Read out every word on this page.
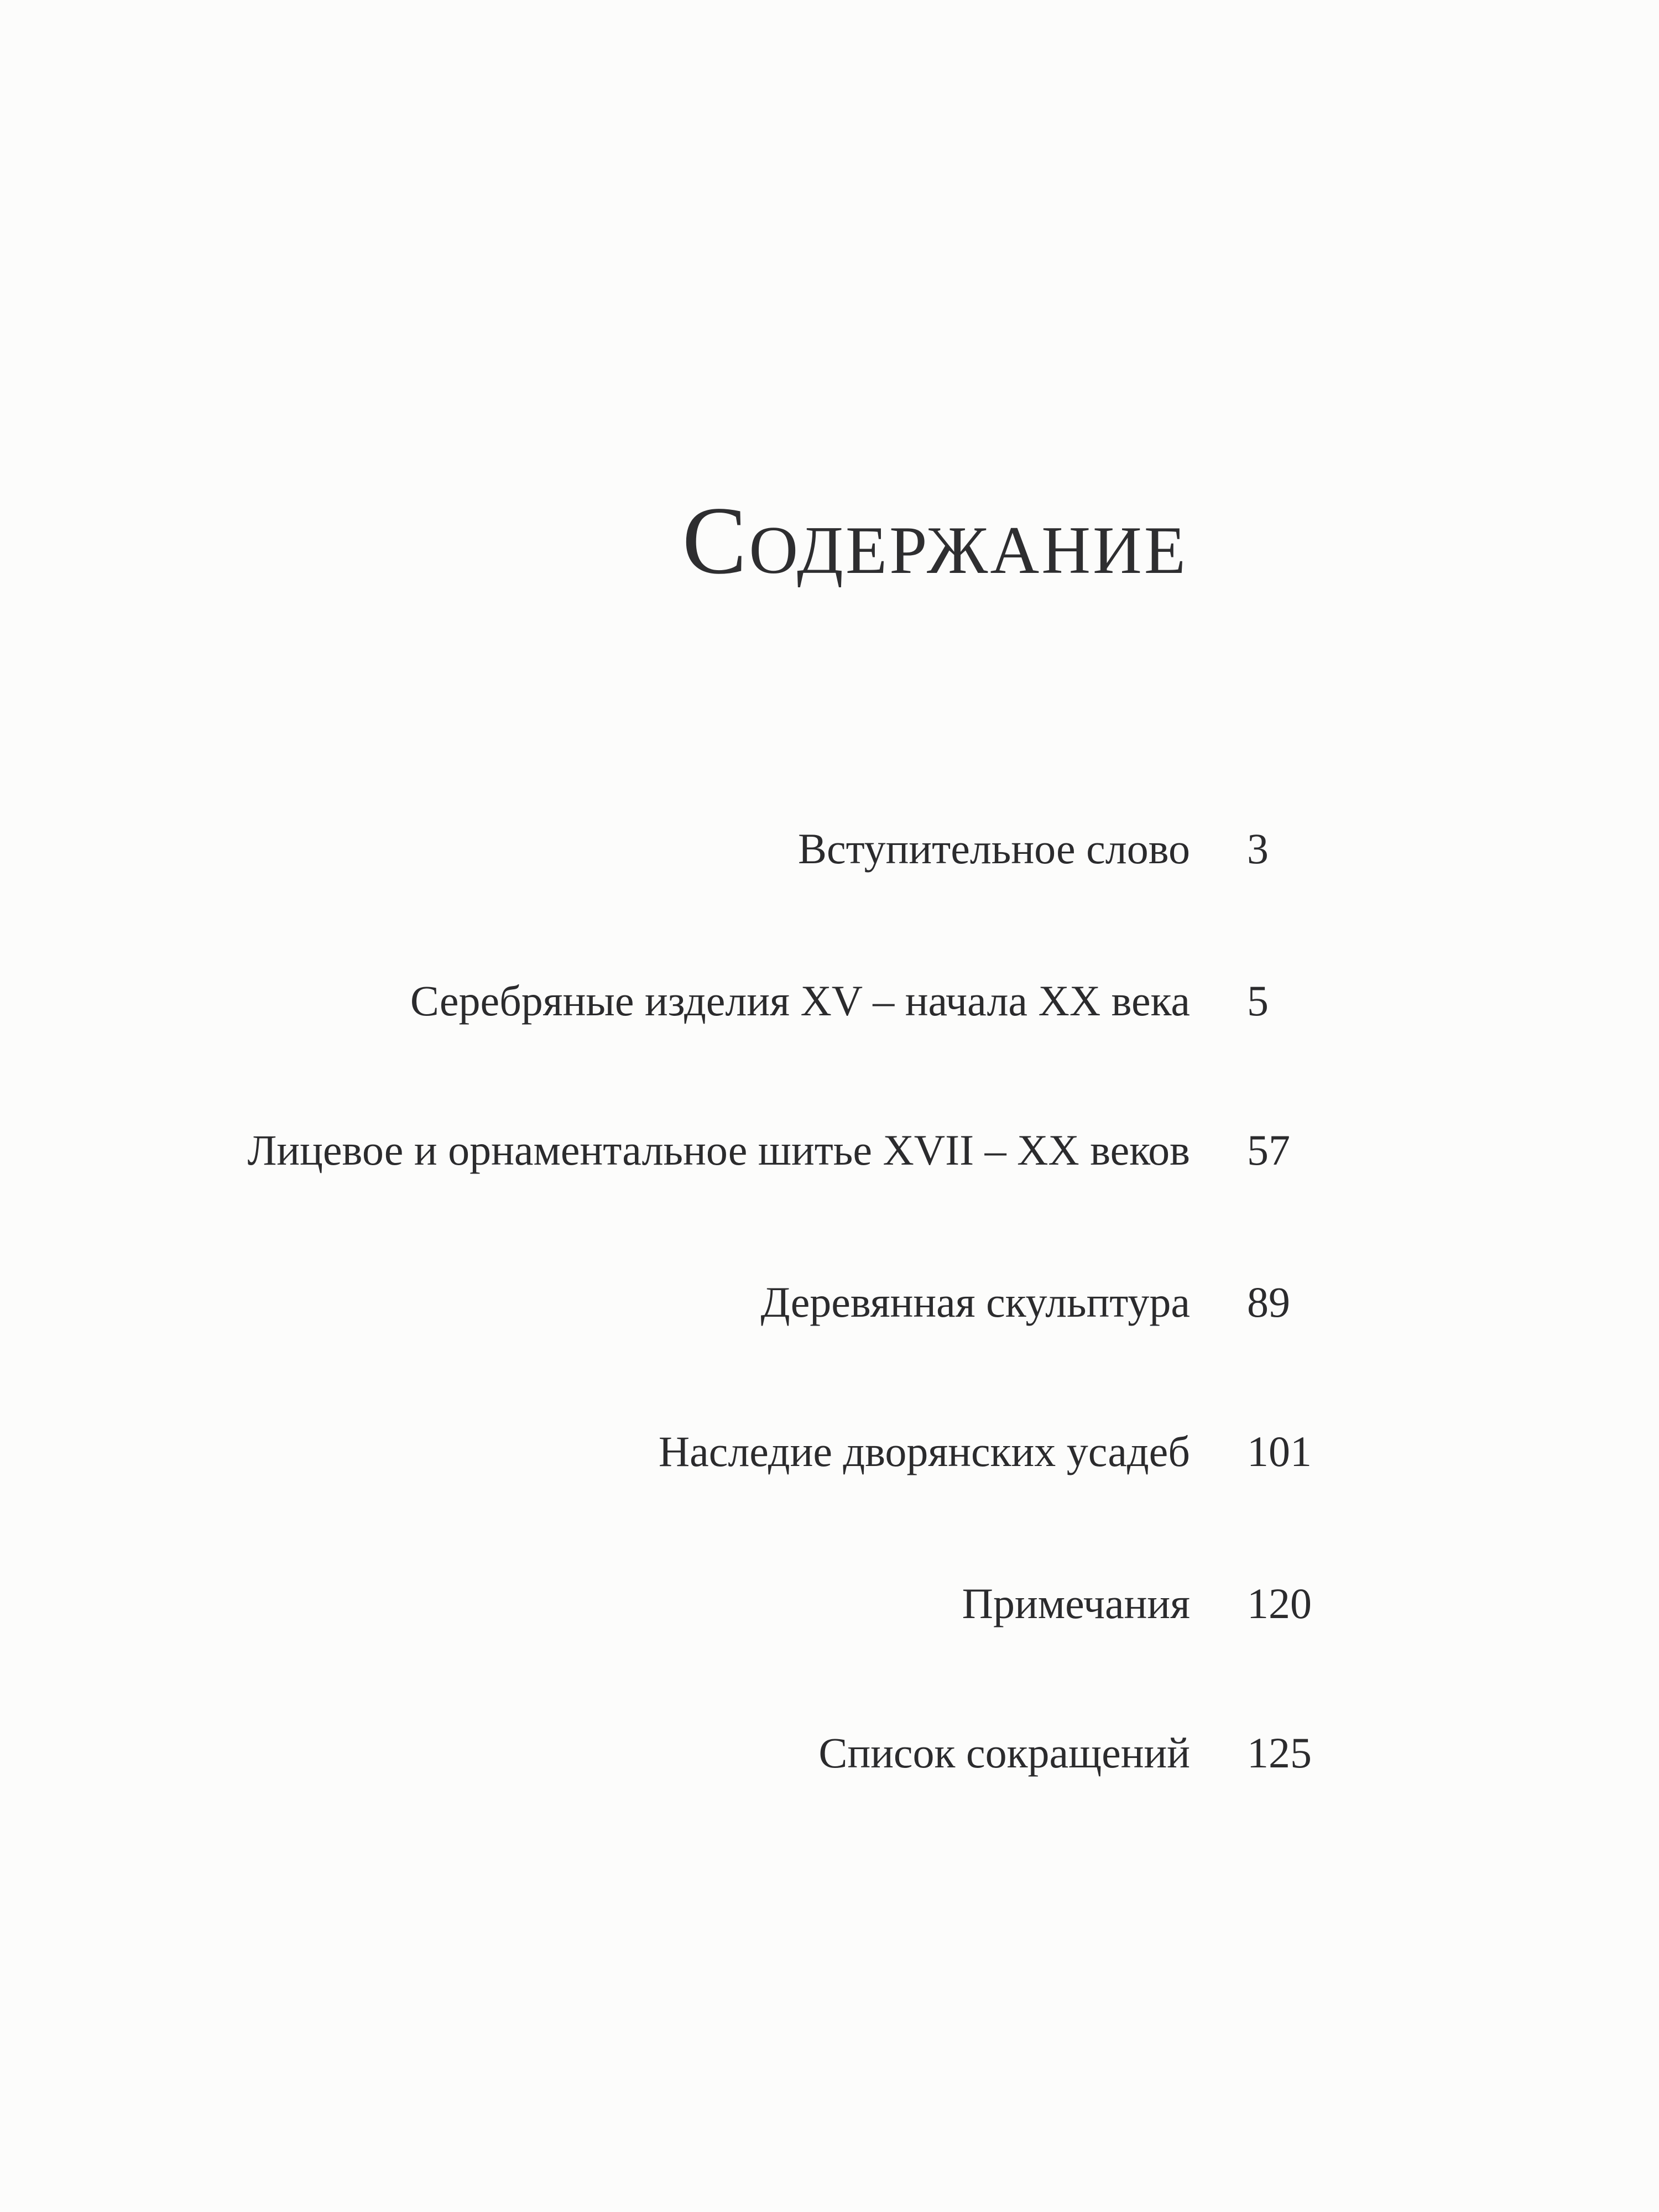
Содержание
Вступительное слово 3
Серебряные изделия XV – начала XX века 5
Лицевое и орнаментальное шитье XVII – XX веков 57
Деревянная скульптура 89
Наследие дворянских усадеб 101
Примечания 120
Список сокращений 125
